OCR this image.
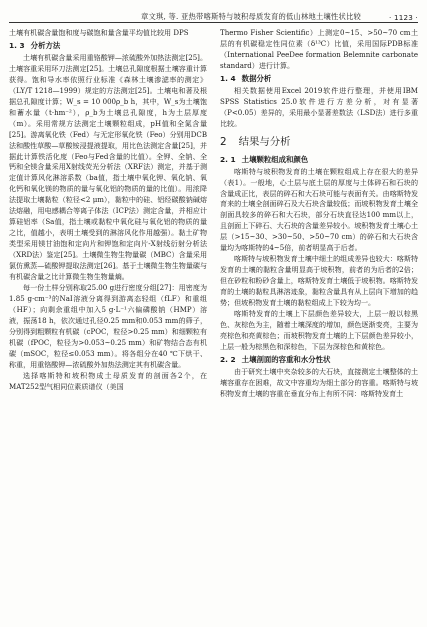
章文琪, 等. 亚热带喀斯特与坡积母质发育的低山林地土壤性状比较	· 1123 ·

土壤有机碳含量饱和度与碳饱和量含量平均值比较用 DPS

1. 3 分析方法

土壤有机碳含量采用重铬酸钾—浓硫酸外加热法测定[25]。土壤容重采用环刀法测定[25]。土壤总孔隙度根据土壤容重计算获得。饱和导水率依照行业标准《森林土壤渗滤率的测定》（LY/T 1218—1999）规定的方法测定[25]。土壤电和著及根据总孔隙度计算；W_s = 10 000ρ_b h，其中，W_s为土壤饱和蓄水量（t·hm⁻²），ρ_b为土壤总孔隙度，h为土层厚度（m）。采用常规方法测定土壤颗粒组成，pH值和全氮含量[25]。游离氧化铁（Fed）与无定形氧化铁（Feo）分别用DCB法和酸性草酸—草酸铵浸提液提取，用比色法测定含量[25]，并据此计算铁活化度（Feo与Fed含量的比值）。全钾、全钠、全钙和全镁含量采用X射线荧光分析法（XRF法）测定，并基于测定值计算风化淋溶系数（ba值，指土壤中氧化钾、氧化钠、氧化钙和氧化镁的物质的量与氧化铝的物质的量的比值）。用浓降法提取土壤黏粒（粒径<2 μm），黏粒中的硅、铝经碳酸钠碱熔法熔融，用电感耦合等离子体法（ICP法）测定含量，并相应计算硅铝率（Sa值，指土壤或黏粒中氧化硅与氧化铝的物质的量之比，值越小，表明土壤受到的淋溶风化作用越强）。黏土矿物类型采用镁甘油饱和定向片和钾饱和定向片-X射线衍射分析法（XRD法）鉴定[25]。土壤微生物生物量碳（MBC）含量采用氯仿熏蒸—硫酸钾提取法测定[26]。基于土壤微生物生物量碳与有机碳含量之比计算微生物生物量熵。

每一份土样分别称取25.00 g进行密度分组[27]：用密度为1.85 g·cm⁻³的NaI溶液分离得到游离态轻组（fLF）和重组（HF）；向剩余重组中加入5 g·L⁻¹六偏磷酸钠（HMP）溶液，振荡18 h，依次通过孔径0.25 mm和0.053 mm的筛子，分别得到粗颗粒有机碳（cPOC，粒径>0.25 mm）和细颗粒有机碳（fPOC，粒径为>0.053~0.25 mm）和矿物结合态有机碳（mSOC，粒径≤0.053 mm）。将各组分在40 ℃下烘干、称重，用重铬酸钾—浓硫酸外加热法测定其有机碳含量。

选择喀斯特和坡积物成土母质发育的剖面各2个，在MAT252型气相同位素质谱仪（美国

Thermo Fisher Scientific）上测定0~15、>50~70 cm土层的有机碳稳定性同位素（δ¹³C）比值，采用国际PDB标准（International PeeDee formation Belemnite carbonate standard）进行计算。

1. 4 数据分析

相关数据使用Excel 2019软件进行整理，并使用IBM SPSS Statistics 25.0软件进行方差分析，对有显著（P<0.05）差异的，采用最小显著差数法（LSD法）进行多重比较。

2 结果与分析
2. 1 土壤颗粒组成和颜色

喀斯特与坡积物发育的土壤在颗粒组成上存在很大的差异（表1）。一般地，心土层与底土层的厚度与土体碎石和石块的含量成正比，表层的碎石和大石块可能与表面有关。由喀斯特发育来的土壤全剖面碎石及大石块含量较低；而坡积物发育土壤全剖面具较多的碎石和大石块，部分石块直径达100 mm以上，且剖面上下碎石、大石块的含量差异较小。坡积物发育土壤心土层（>15~30、>30~50、>50~70 cm）的碎石和大石块含量均为喀斯特的4~5倍，前者明显高于后者。

喀斯特与坡积物发育土壤中细土的组成差异也较大：喀斯特发育的土壤的黏粒含量明显高于坡积物，前者的为后者的2倍；但在砂粒和粉砂含量上，喀斯特发育土壤低于坡积物。喀斯特发育的土壤的黏粒具淋溶迹象，黏粒含量具有从上层向下增加的趋势；但坡积物发育土壤的黏粒组成上下较为均一。

喀斯特发育的土壤上下层颜色差异较大，上层一般以棕黑色、灰棕色为主，随着土壤深度的增加，颜色逐渐变亮，主要为亮棕色和亮黄棕色；而坡积物发育土壤的上下层颜色差异较小，上层一般为棕黑色和深棕色，下层为深棕色和黄棕色。

2. 2 土壤剖面的容重和水分性状

由于研究土壤中夹杂较多的大石块，直接测定土壤整体的土壤容重存在困难，故文中容重均为细土部分的容重。喀斯特与坡积物发育土壤的容重在垂直分布上有所不同：喀斯特发育土
